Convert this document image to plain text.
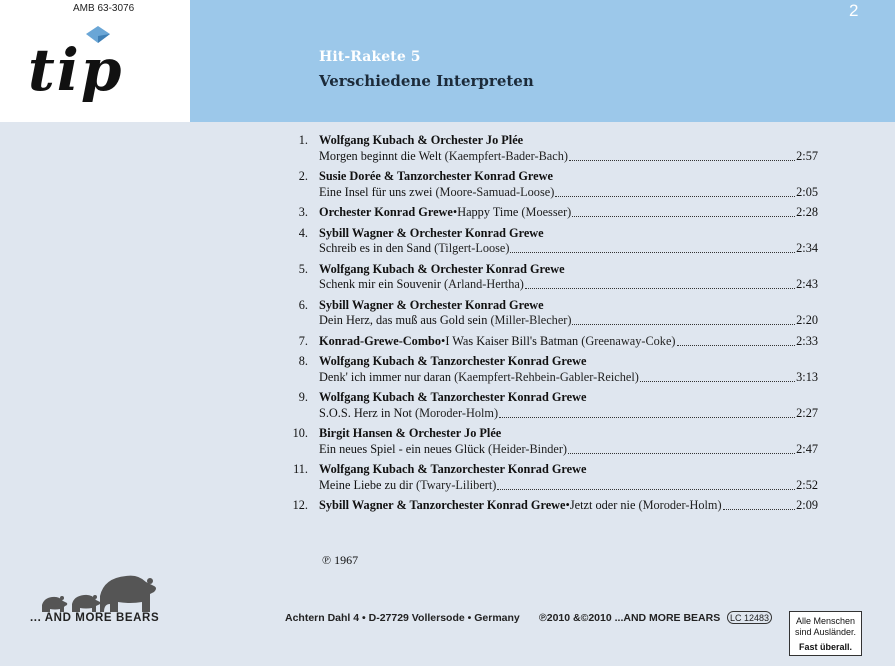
AMB 63-3076
tip
2
Hit-Rakete 5
Verschiedene Interpreten
1. Wolfgang Kubach & Orchester Jo Plée
Morgen beginnt die Welt
(Kaempfert-Bader-Bach)	2:57
2. Susie Dorée & Tanzorchester Konrad Grewe
Eine Insel für uns zwei
(Moore-Samuad-Loose)	2:05
3. Orchester Konrad Grewe • Happy Time
(Moesser)	2:28
4. Sybill Wagner & Orchester Konrad Grewe
Schreib es in den Sand
(Tilgert-Loose)	2:34
5. Wolfgang Kubach & Orchester Konrad Grewe
Schenk mir ein Souvenir
(Arland-Hertha)	2:43
6. Sybill Wagner & Orchester Konrad Grewe
Dein Herz, das muß aus Gold sein
(Miller-Blecher)	2:20
7. Konrad-Grewe-Combo • I Was Kaiser Bill's Batman
(Greenaway-Coke)	2:33
8. Wolfgang Kubach & Tanzorchester Konrad Grewe
Denk' ich immer nur daran
(Kaempfert-Rehbein-Gabler-Reichel)	3:13
9. Wolfgang Kubach & Tanzorchester Konrad Grewe
S.O.S. Herz in Not
(Moroder-Holm)	2:27
10. Birgit Hansen & Orchester Jo Plée
Ein neues Spiel - ein neues Glück
(Heider-Binder)	2:47
11. Wolfgang Kubach & Tanzorchester Konrad Grewe
Meine Liebe zu dir
(Twary-Lilibert)	2:52
12. Sybill Wagner & Tanzorchester Konrad Grewe • Jetzt oder nie
(Moroder-Holm)	2:09
℗ 1967
... AND MORE BEARS	Achtern Dahl 4 • D-27729 Vollersode • Germany ℗2010 &©2010 ...AND MORE BEARS	LC 12483	Alle Menschen
sind Ausländer.
Fast überall.
